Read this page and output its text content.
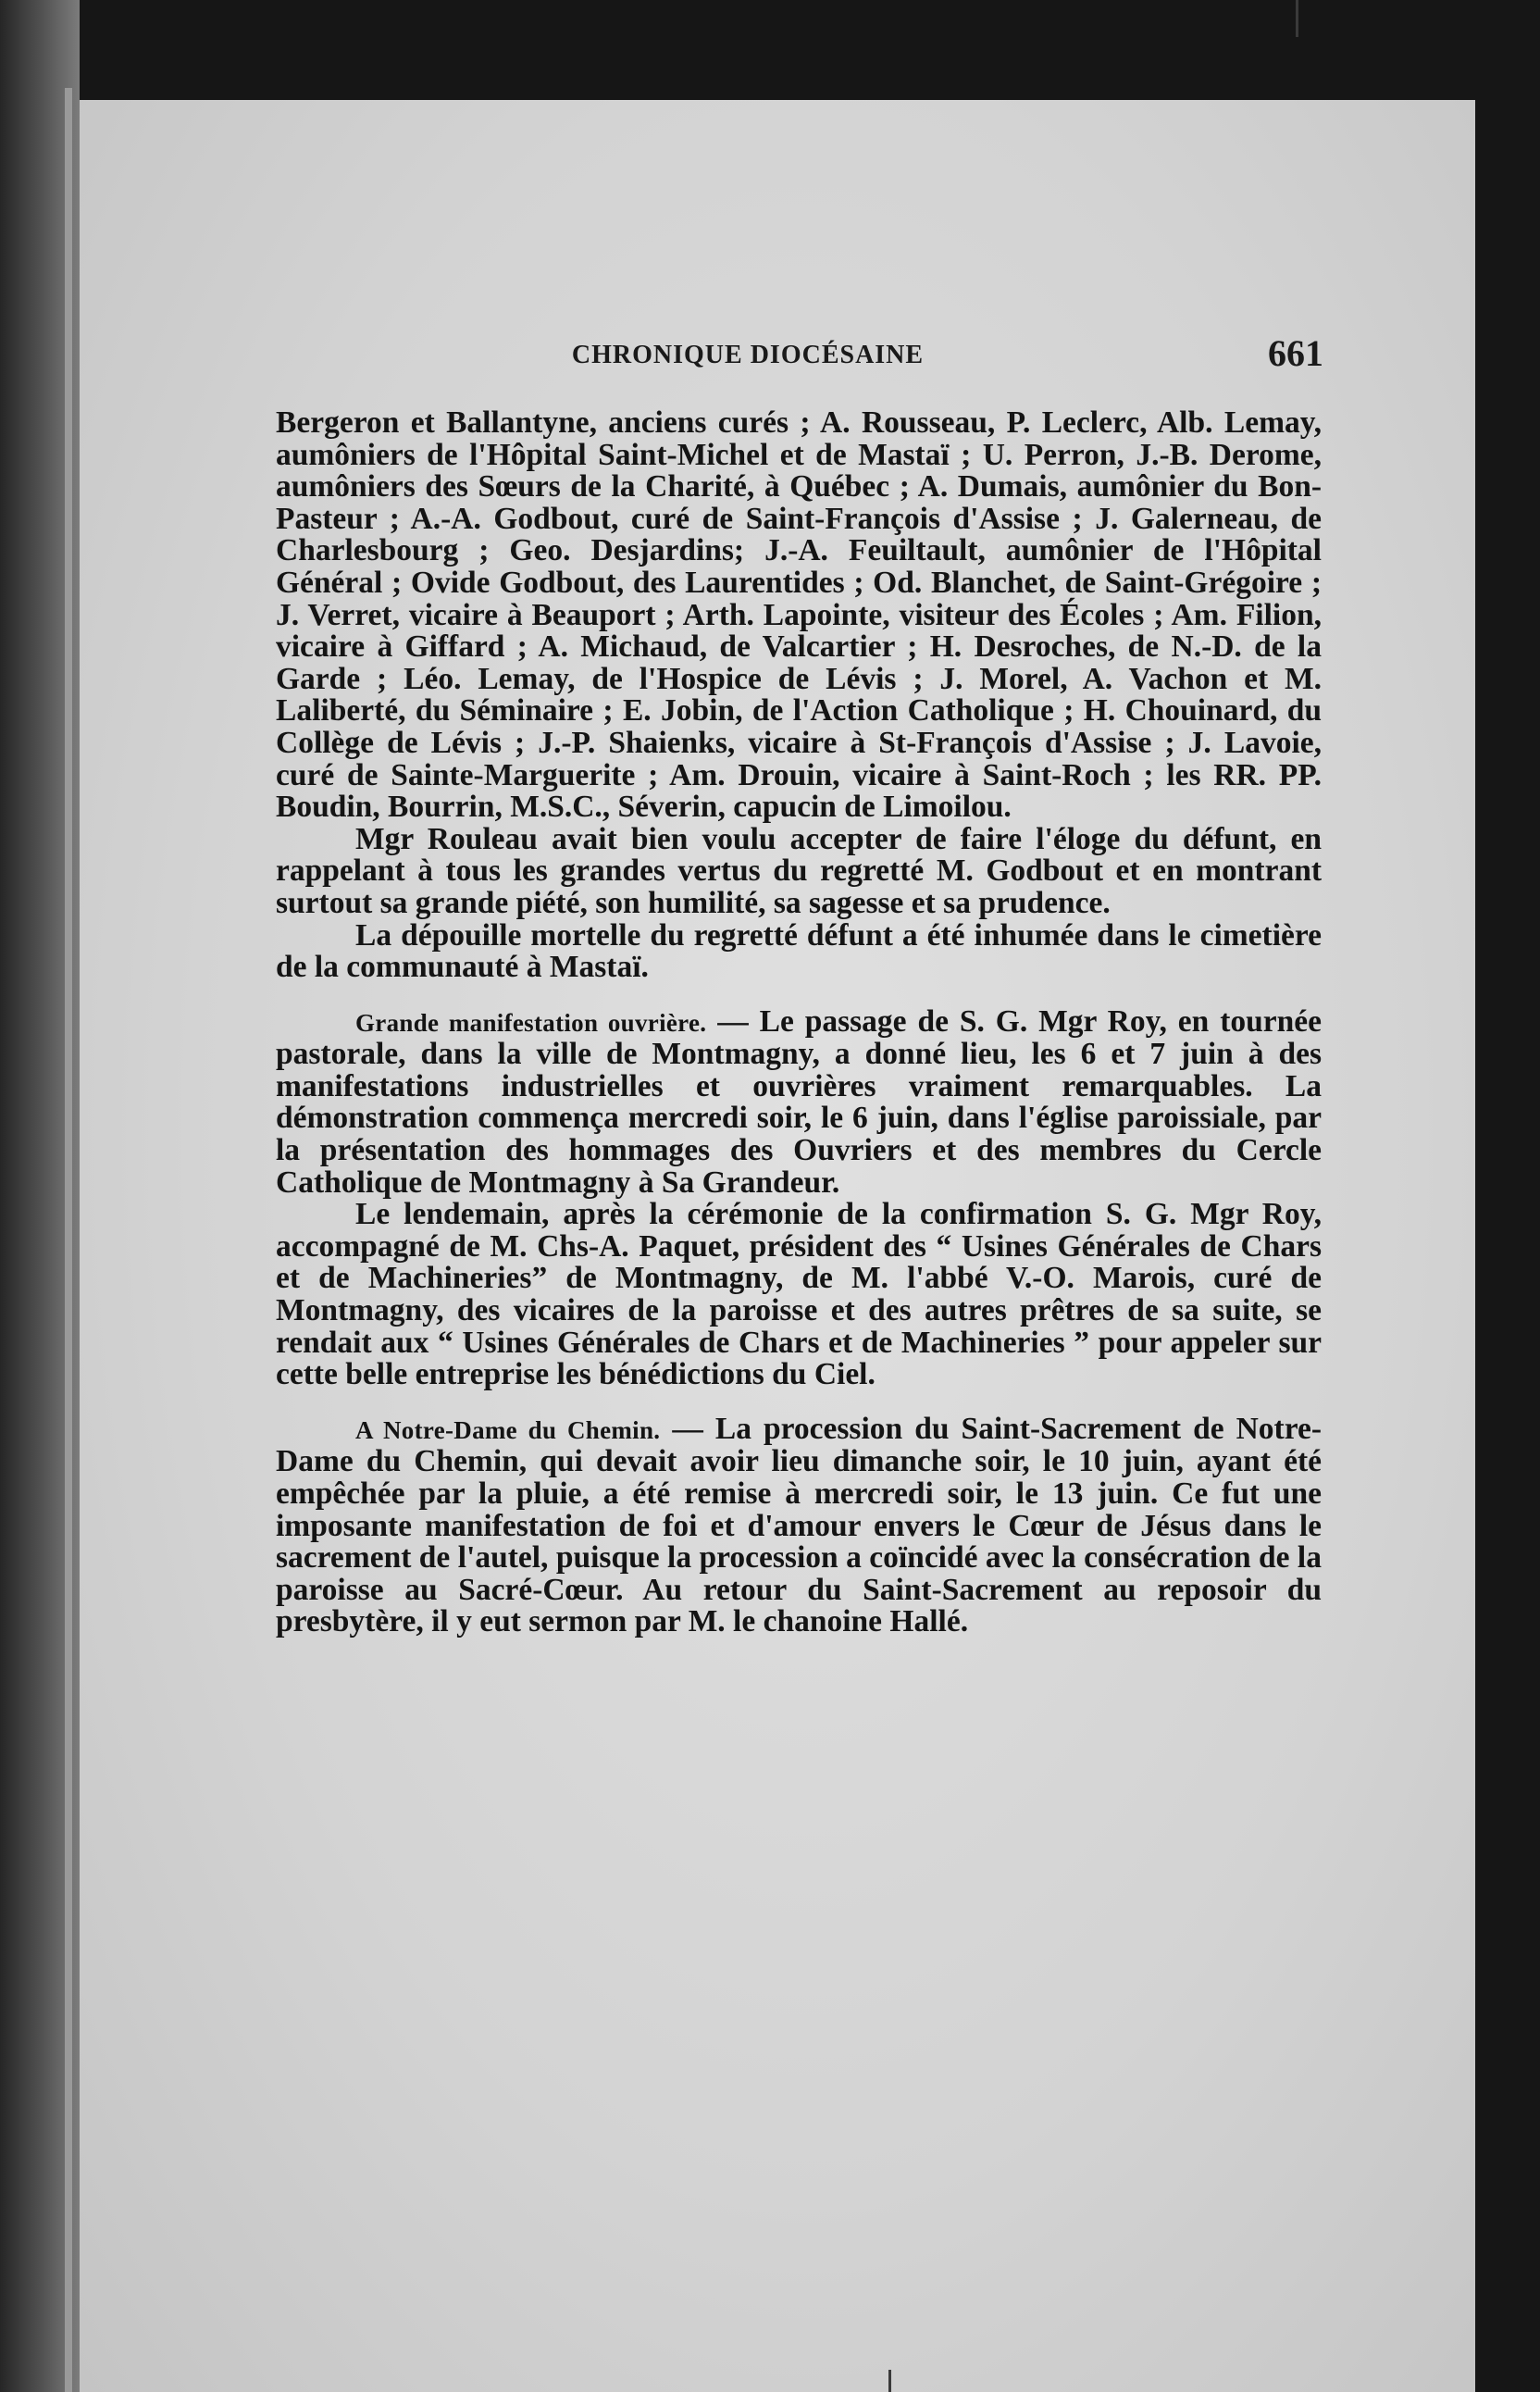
CHRONIQUE DIOCÉSAINE	661

Bergeron et Ballantyne, anciens curés ; A. Rousseau, P. Leclerc, Alb. Lemay, aumôniers de l'Hôpital Saint-Michel et de Mastaï ; U. Perron, J.-B. Derome, aumôniers des Sœurs de la Charité, à Québec ; A. Dumais, aumônier du Bon-Pasteur ; A.-A. Godbout, curé de Saint-François d'Assise ; J. Galerneau, de Charlesbourg ; Geo. Desjardins; J.-A. Feuiltault, aumônier de l'Hôpital Général ; Ovide Godbout, des Laurentides ; Od. Blanchet, de Saint-Grégoire ; J. Verret, vicaire à Beauport ; Arth. Lapointe, visiteur des Écoles ; Am. Filion, vicaire à Giffard ; A. Michaud, de Valcartier ; H. Desroches, de N.-D. de la Garde ; Léo. Lemay, de l'Hospice de Lévis ; J. Morel, A. Vachon et M. Laliberté, du Séminaire ; E. Jobin, de l'Action Catholique ; H. Chouinard, du Collège de Lévis ; J.-P. Shaienks, vicaire à St-François d'Assise ; J. Lavoie, curé de Sainte-Marguerite ; Am. Drouin, vicaire à Saint-Roch ; les RR. PP. Boudin, Bourrin, M.S.C., Séverin, capucin de Limoilou.

Mgr Rouleau avait bien voulu accepter de faire l'éloge du défunt, en rappelant à tous les grandes vertus du regretté M. Godbout et en montrant surtout sa grande piété, son humilité, sa sagesse et sa prudence.

La dépouille mortelle du regretté défunt a été inhumée dans le cimetière de la communauté à Mastaï.

Grande manifestation ouvrière. — Le passage de S. G. Mgr Roy, en tournée pastorale, dans la ville de Montmagny, a donné lieu, les 6 et 7 juin à des manifestations industrielles et ouvrières vraiment remarquables. La démonstration commença mercredi soir, le 6 juin, dans l'église paroissiale, par la présentation des hommages des Ouvriers et des membres du Cercle Catholique de Montmagny à Sa Grandeur.

Le lendemain, après la cérémonie de la confirmation S. G. Mgr Roy, accompagné de M. Chs-A. Paquet, président des “ Usines Générales de Chars et de Machineries” de Montmagny, de M. l'abbé V.-O. Marois, curé de Montmagny, des vicaires de la paroisse et des autres prêtres de sa suite, se rendait aux “ Usines Générales de Chars et de Machineries ” pour appeler sur cette belle entreprise les bénédictions du Ciel.

A Notre-Dame du Chemin. — La procession du Saint-Sacrement de Notre-Dame du Chemin, qui devait avoir lieu dimanche soir, le 10 juin, ayant été empêchée par la pluie, a été remise à mercredi soir, le 13 juin. Ce fut une imposante manifestation de foi et d'amour envers le Cœur de Jésus dans le sacrement de l'autel, puisque la procession a coïncidé avec la consécration de la paroisse au Sacré-Cœur. Au retour du Saint-Sacrement au reposoir du presbytère, il y eut sermon par M. le chanoine Hallé.
